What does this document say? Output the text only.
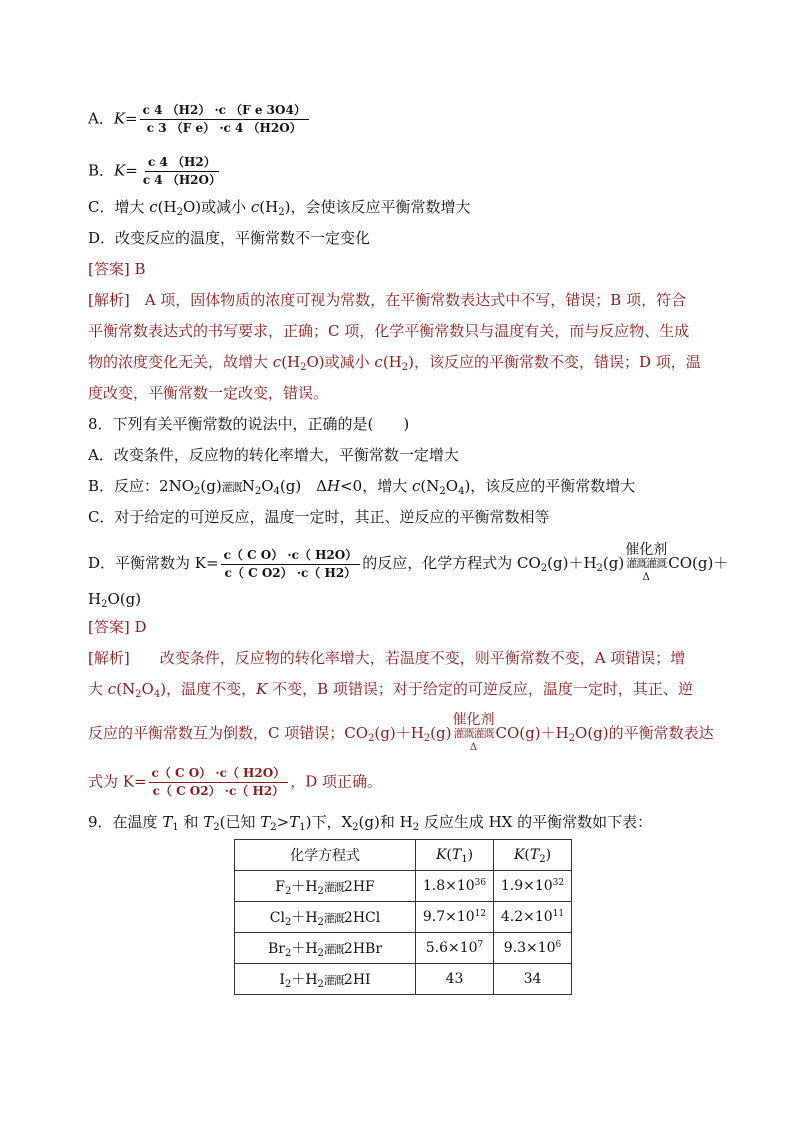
A．$K= \frac{\text{c 4 （H2） ·c （F e 3O4）}}{\text{c 3 （F e） ·c 4 （H2O）}}$
B．$K= \frac{c 4 (H2)}{c 4 (H2O)}$
C．增大 $c(H_2O)$或减小 $c(H_2)$，会使该反应平衡常数增大
D．改变反应的温度，平衡常数不一定变化
[答案] B
[解析]　A 项，固体物质的浓度可视为常数，在平衡常数表达式中不写，错误；B 项，符合
平衡常数表达式的书写要求，正确；C 项，化学平衡常数只与温度有关，而与反应物、生成
物的浓度变化无关，故增大 $c(H_2O)$或减小 $c(H_2)$，该反应的平衡常数不变，错误；D 项，温
度改变，平衡常数一定改变，错误。
8．下列有关平衡常数的说法中，正确的是(　　)
A．改变条件，反应物的转化率增大，平衡常数一定增大
B．反应：$2NO_2(g)$灌溉$N_2O_4(g)$　ΔH<0，增大 $c(N_2O_4)$，该反应的平衡常数增大
C．对于给定的可逆反应，温度一定时，其正、逆反应的平衡常数相等
D．平衡常数为 $K= \frac{\text{c（ C O） ·c（ H2O）}}{\text{c（ C O2） ·c（ H2）}}$ 的反应，化学方程式为 $CO_2(g)+H_2(g)$
催化剂
灌溉灌溉
Δ
CO(g)＋
$H_2O(g)$
[答案] D
[解析]　　改变条件，反应物的转化率增大，若温度不变，则平衡常数不变，A 项错误；增
大 $c(N_2O_4)$，温度不变，K 不变，B 项错误；对于给定的可逆反应，温度一定时，其正、逆
反应的平衡常数互为倒数，C 项错误；$CO_2(g)+H_2(g)$
催化剂
灌溉灌溉
Δ
$CO(g)+H_2O(g)$的平衡常数表达
式为 $K= \frac{\text{c（ C O） ·c（ H2O）}}{\text{c（ C O2） ·c（ H2）}}$ ，D 项正确。
9．在温度 $T_1$ 和 $T_2$(已知 $T_2>T_1$)下，$X_2(g)$和 $H_2$ 反应生成 HX 的平衡常数如下表：
化学方程式	$K(T_1)$	$K(T_2)$
$F_2+H_2$灌溉2HF	$1.8\times 10^{36}$	$1.9\times 10^{32}$
$Cl_2+H_2$灌溉2HCl	$9.7\times 10^{12}$	$4.2\times 10^{11}$
$Br_2+H_2$灌溉2HBr	$5.6\times 10^7$	$9.3\times 10^6$
$I_2+H_2$灌溉2HI	43	34
